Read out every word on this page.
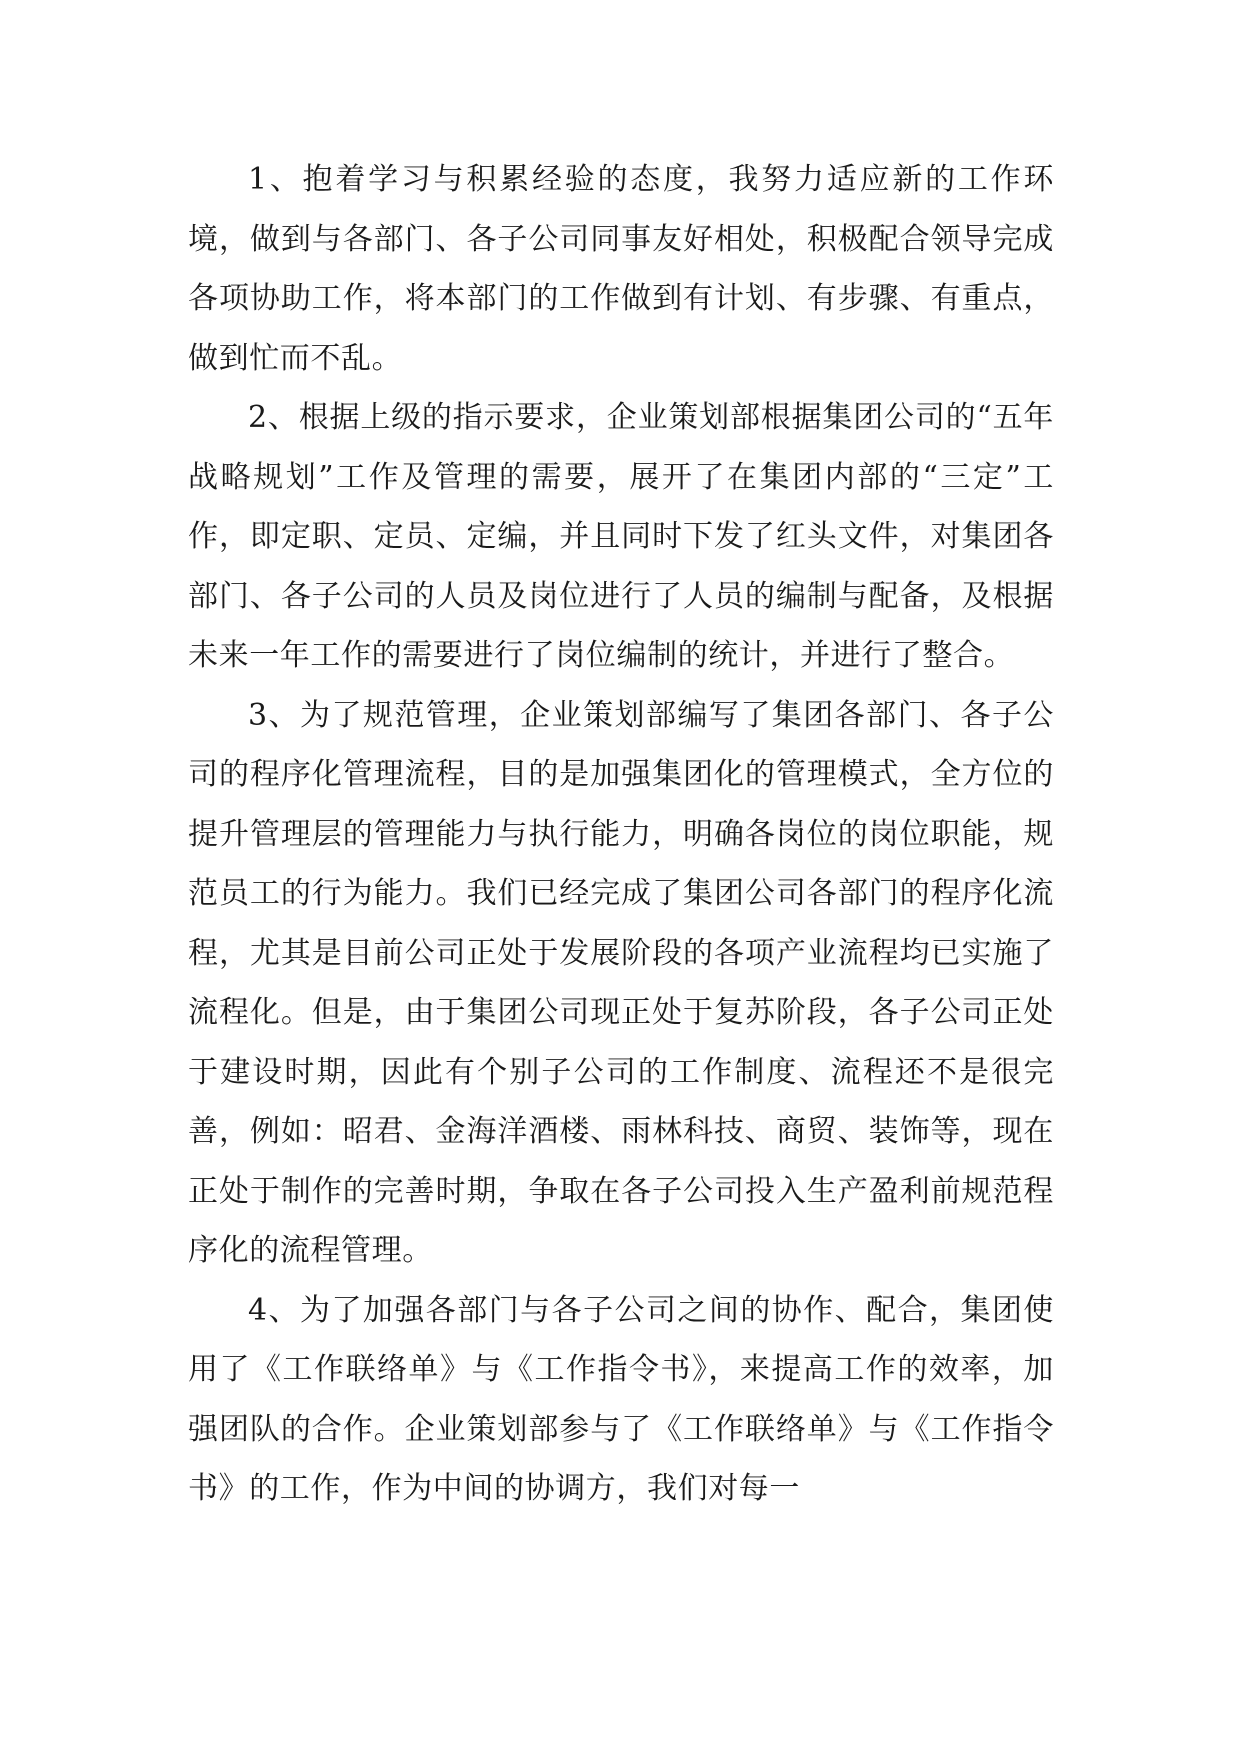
1、抱着学习与积累经验的态度，我努力适应新的工作环境，做到与各部门、各子公司同事友好相处，积极配合领导完成各项协助工作，将本部门的工作做到有计划、有步骤、有重点，做到忙而不乱。

2、根据上级的指示要求，企业策划部根据集团公司的“五年战略规划”工作及管理的需要，展开了在集团内部的“三定”工作，即定职、定员、定编，并且同时下发了红头文件，对集团各部门、各子公司的人员及岗位进行了人员的编制与配备，及根据未来一年工作的需要进行了岗位编制的统计，并进行了整合。

3、为了规范管理，企业策划部编写了集团各部门、各子公司的程序化管理流程，目的是加强集团化的管理模式，全方位的提升管理层的管理能力与执行能力，明确各岗位的岗位职能，规范员工的行为能力。我们已经完成了集团公司各部门的程序化流程，尤其是目前公司正处于发展阶段的各项产业流程均已实施了流程化。但是，由于集团公司现正处于复苏阶段，各子公司正处于建设时期，因此有个别子公司的工作制度、流程还不是很完善，例如：昭君、金海洋酒楼、雨林科技、商贸、装饰等，现在正处于制作的完善时期，争取在各子公司投入生产盈利前规范程序化的流程管理。

4、为了加强各部门与各子公司之间的协作、配合，集团使用了《工作联络单》与《工作指令书》，来提高工作的效率，加强团队的合作。企业策划部参与了《工作联络单》与《工作指令书》的工作，作为中间的协调方，我们对每一
